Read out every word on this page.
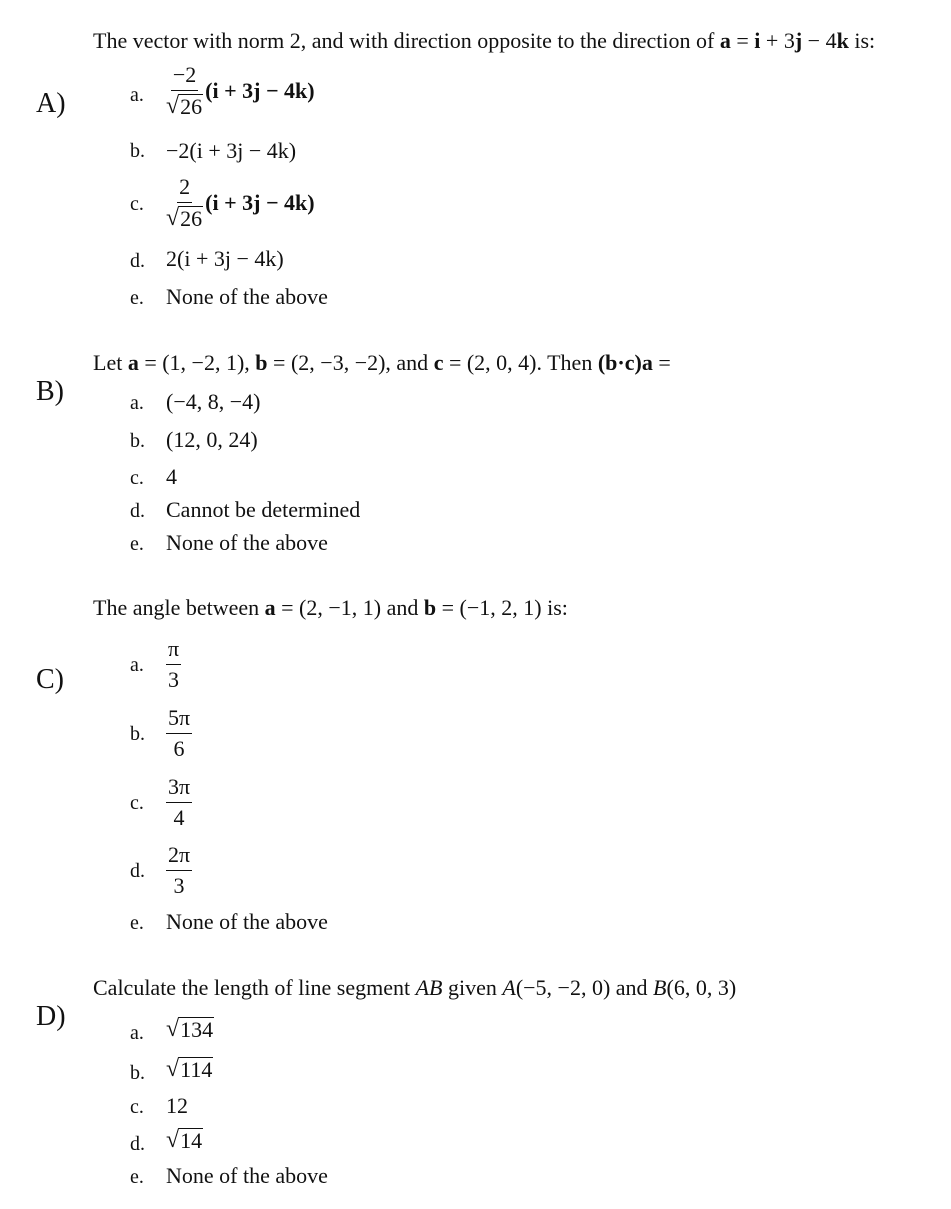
A)
The vector with norm 2, and with direction opposite to the direction of a = i + 3j − 4k is:
a. $\frac{-2}{√ 26} (i + 3j - 4k)$
b. −2(i + 3j − 4k)
c. $\frac{2}{√ 26} (i + 3j - 4k)$
d. 2(i + 3j − 4k)
e. None of the above
B)
Let a = (1, −2, 1), b = (2, −3, −2), and c = (2, 0, 4). Then (b·c)a =
a. (−4, 8, −4)
b. (12, 0, 24)
c. 4
d. Cannot be determined
e. None of the above
C)
The angle between a = (2, −1, 1) and b = (−1, 2, 1) is:
a. $\frac{\pi}{3}$
b. $\frac{5\pi}{6}$
c. $\frac{3\pi}{4}$
d. $\frac{2\pi}{3}$
e. None of the above
D)
Calculate the length of line segment AB given A(−5, −2, 0) and B(6, 0, 3)
a. √ 134
b. √ 114
c. 12
d. √ 14
e. None of the above
